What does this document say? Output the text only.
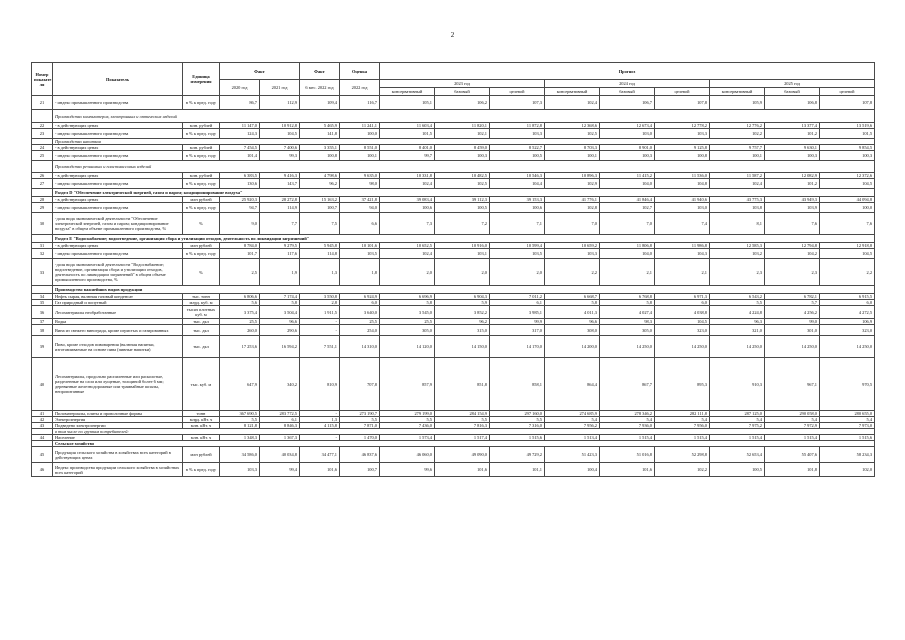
2
Номер
показате
ля	Показатель	Единица
измерения	Факт		Факт	Оценка	Прогноз								
			2020 год	2021 год	6 мес. 2022 год	2022 год	2023 год			2024 год			2025 год		
							консервативный	базовый	целевой	консервативный	базовый	целевой	консервативный	базовый	целевой
21	- индекс промышленного производства	в % к пред. году	86,7	112,9	109,4	116,7	105,1	106,2	107,3	102,4	106,7	107,8	105,9	106,8	107,8
	Производство компьютеров, электронных и оптических изделий														
22	- в действующих ценах	млн. рублей	11 147,0	10 912,8	5 465,9	11 241,1	11 603,4	11 820,1	11 872,8	12 368,6	12 673,4	12 778,2	12 776,2	13 377,4	13 519,6
23	- индекс промышленного производства	в % к пред. году	124,3	104,5	141,8	100,0	101,5	102,1	103,3	102,5	103,0	103,3	102,2	101,2	101,5
	Производство напитков														
24	- в действующих ценах	млн. рублей	7 454,5	7 400,6	3 355,1	8 551,0	8 401,0	8 459,0	8 522,7	8 703,3	8 901,0	9 125,8	9 757,7	9 630,1	9 854,5
25	- индекс промышленного производства	в % к пред. году	101,4	99,3	100,8	100,1	99,7	100,3	100,5	100,1	100,3	100,8	100,1	100,3	100,3
	Производство резиновых и пластмассовых изделий														
26	- в действующих ценах	млн. рублей	6 383,5	9 416,3	4 798,6	9 635,0	10 331,8	10 482,5	10 546,3	10 896,3	11 415,2	11 536,0	11 587,2	12 082,9	12 372,6
27	- индекс промышленного производства	в % к пред. году	130,6	143,7	96,2	98,0	102,4	102,5	104,4	102,9	104,0	104,8	102,4	101,2	104,5
	Раздел D "Обеспечение электрической энергией, газом и паром; кондиционирование воздуха"														
28	- в действующих ценах	млн рублей	25 920,3	28 272,8	15 163,2	37 421,8	39 083,4	39 112,3	39 153,3	41 776,1	41 846,4	41 940,6	43 775,3	43 949,3	44 094,8
29	- индекс промышленного производства	в % к пред. году	94,7	114,9	100,7	94,0	100,6	100,5	100,6	102,8	102,7	103,0	103,8	103,9	100,0
30	-доля вида экономической деятельности "Обеспечение электрической энергией, газом и паром; кондиционирование воздуха" в общем объеме промышленного производства, %	%	9,0	7,7	7,5	6,6	7,3	7,2	7,1	7,0	7,0	7,4	8,1	7,6	7,6
	Раздел Е "Водоснабжение; водоотведение, организация сбора и утилизации отходов, деятельность по ликвидации загрязнений"														
31	- в действующих ценах	млн рублей	8 784,0	9 279,5	5 945,8	10 101,6	10 652,5	10 916,0	10 599,4	10 659,2	11 806,8	11 986,8	12 585,3	12 794,8	12 918,8
32	- индекс промышленного производства	в % к пред. году	101,7	117,6	114,8	103,5	102,4	103,1	103,5	103,3	104,0	104,3	103,2	104,2	104,5
33	-доля вида экономической деятельности "Водоснабжение; водоотведение, организация сбора и утилизации отходов, деятельность по ликвидации загрязнений" в общем объеме промышленного производства, %	%	2,5	1,9	1,3	1,8	2,0	2,0	2,0	2,2	2,1	2,1	2,3	2,3	2,2
	Производство важнейших видов продукции														
34	Нефть сырая, включая газовый конденсат	тыс. тонн	6 806,6	7 174,4	3 550,8	6 924,9	6 696,9	6 904,3	7 011,2	6 668,7	6 768,8	6 971,3	6 543,2	6 782,1	6 915,5
35	Газ природный и попутный	млрд. куб. м	5,6	5,8	2,8	6,0	5,8	5,9	6,1	5,8	5,8	6,0	5,5	5,7	6,0
36	Лесоматериалы необработанные	тысяч плотных куб. м	3 375,4	3 504,4	1 911,5	3 640,0	3 545,0	3 852,2	3 985,1	4 011,3	4 027,4	4 038,8	4 224,8	4 256,2	4 272,5
37	Водка	тыс. дкл	25,5	96,6	-	25,5	25,5	96,2	99,9	96,6	98,3	104,5	96,3	99,0	106,9
38	Вина из свежего винограда, кроме игристых и газированных	тыс. дкл	260,0	290,6	-	254,0	305,0	315,0	317,0	308,0	305,0	323,0	321,0	301,0	323,0
39	Пиво, кроме отходов пивоварения (включая напитки, изготавливаемые на основе пива (пивные напитки)	тыс. дкл	17 253,6	16 594,2	7 551,1	14 310,0	14 120,0	14 150,0	14 170,0	14 200,0	14 250,0	14 250,0	14 250,0	14 250,0	14 250,0
40	Лесоматериалы, продольно распиленные или расколотые, разделенные на слои или лущеные, толщиной более 6 мм; деревянные железнодорожные или трамвайные шпалы, непропитанные	тыс. куб. м	647,9	340,2	810,9	707,8	857,9	851,8	858,1	864,4	867,7	895,3	910,3	967,1	970,5
41	Пиломатериалы, плиты и проволочные формы	тонн	367 690,5	283 772,5	-	273 190,7	279 199,0	284 154,9	297 160,0	274 685,9	278 346,2	282 111,8	287 125,0	290 058,0	280 655,0
42	Электроэнергия	млрд. кВт. ч	5,5	6,1	1,3	5,5	5,5	5,5	5,5	5,4	5,4	5,4	5,4	5,4	5,4
43	Подведено электроэнергии	млн. кВт. ч	8 121,8	8 846,3	4 115,8	7 871,0	7 436,0	7 816,3	7 316,0	7 956,2	7 936,0	7 956,0	7 975,2	7 972,9	7 973,0
	в том числе по группам потребителей:														
44	Население	млн. кВт. ч	1 348,3	1 367,3	-	1 470,0	1 573,4	1 517,4	1 515,6	1 513,4	1 515,4	1 515,4	1 515,4	1 515,4	1 515,6
	Сельское хозяйство														
45	Продукция сельского хозяйства в хозяйствах всех категорий в действующих ценах	млн рублей	34 586,0	40 034,8	34 477,1	46 837,6	46 060,0	49 090,0	49 729,2	51 423,3	51 016,8	52 298,8	52 653,4	55 407,6	58 234,3
46	Индекс производства продукции сельского хозяйства в хозяйствах всех категорий	в % к пред. году	103,3	99,4	101,6	100,7	99,6	101,6	101,1	100,4	101,6	102,2	100,5	101,8	102,0
